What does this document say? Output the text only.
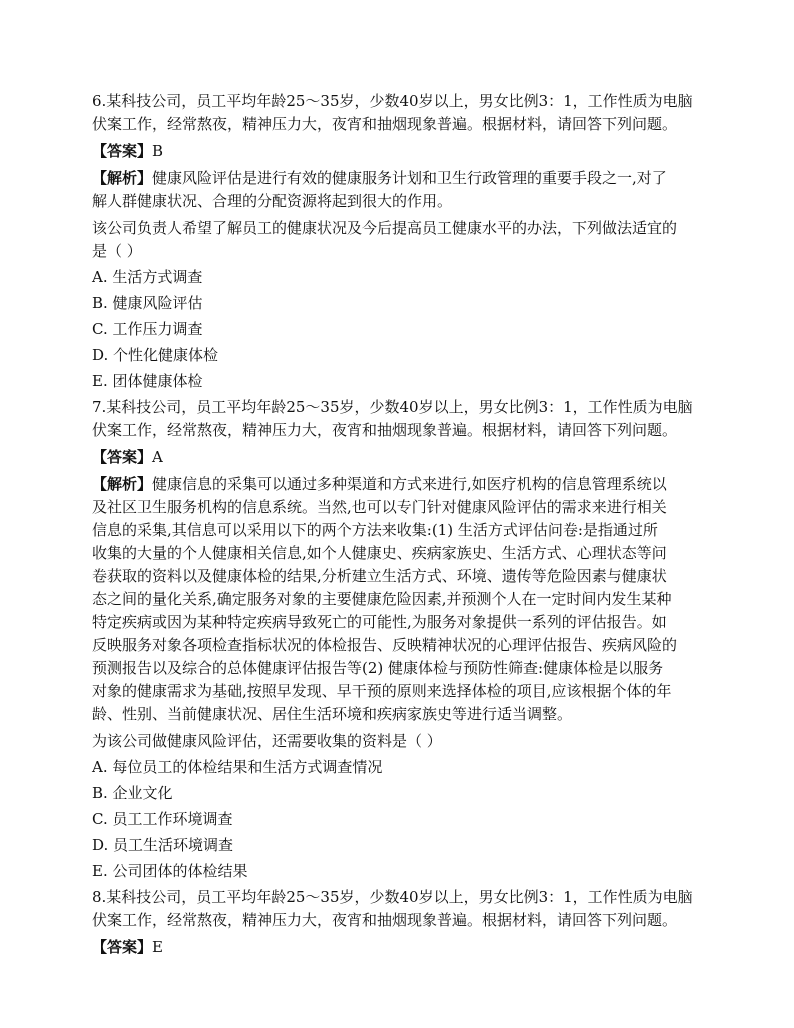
6.某科技公司，员工平均年龄25～35岁，少数40岁以上，男女比例3：1，工作性质为电脑

伏案工作，经常熬夜，精神压力大，夜宵和抽烟现象普遍。根据材料，请回答下列问题。

【答案】B

【解析】健康风险评估是进行有效的健康服务计划和卫生行政管理的重要手段之一,对了

解人群健康状况、合理的分配资源将起到很大的作用。

该公司负责人希望了解员工的健康状况及今后提高员工健康水平的办法，下列做法适宜的

是（ ）

A. 生活方式调查

B. 健康风险评估

C. 工作压力调查

D. 个性化健康体检

E. 团体健康体检

7.某科技公司，员工平均年龄25～35岁，少数40岁以上，男女比例3：1，工作性质为电脑

伏案工作，经常熬夜，精神压力大，夜宵和抽烟现象普遍。根据材料，请回答下列问题。

【答案】A

【解析】健康信息的采集可以通过多种渠道和方式来进行,如医疗机构的信息管理系统以

及社区卫生服务机构的信息系统。当然,也可以专门针对健康风险评估的需求来进行相关

信息的采集,其信息可以采用以下的两个方法来收集:(1) 生活方式评估问卷:是指通过所

收集的大量的个人健康相关信息,如个人健康史、疾病家族史、生活方式、心理状态等问

卷获取的资料以及健康体检的结果,分析建立生活方式、环境、遗传等危险因素与健康状

态之间的量化关系,确定服务对象的主要健康危险因素,并预测个人在一定时间内发生某种

特定疾病或因为某种特定疾病导致死亡的可能性,为服务对象提供一系列的评估报告。如

反映服务对象各项检查指标状况的体检报告、反映精神状况的心理评估报告、疾病风险的

预测报告以及综合的总体健康评估报告等(2) 健康体检与预防性筛查:健康体检是以服务

对象的健康需求为基础,按照早发现、早干预的原则来选择体检的项目,应该根据个体的年

龄、性别、当前健康状况、居住生活环境和疾病家族史等进行适当调整。

为该公司做健康风险评估，还需要收集的资料是（ ）

A. 每位员工的体检结果和生活方式调查情况

B. 企业文化

C. 员工工作环境调查

D. 员工生活环境调查

E. 公司团体的体检结果

8.某科技公司，员工平均年龄25～35岁，少数40岁以上，男女比例3：1，工作性质为电脑

伏案工作，经常熬夜，精神压力大，夜宵和抽烟现象普遍。根据材料，请回答下列问题。

【答案】E
